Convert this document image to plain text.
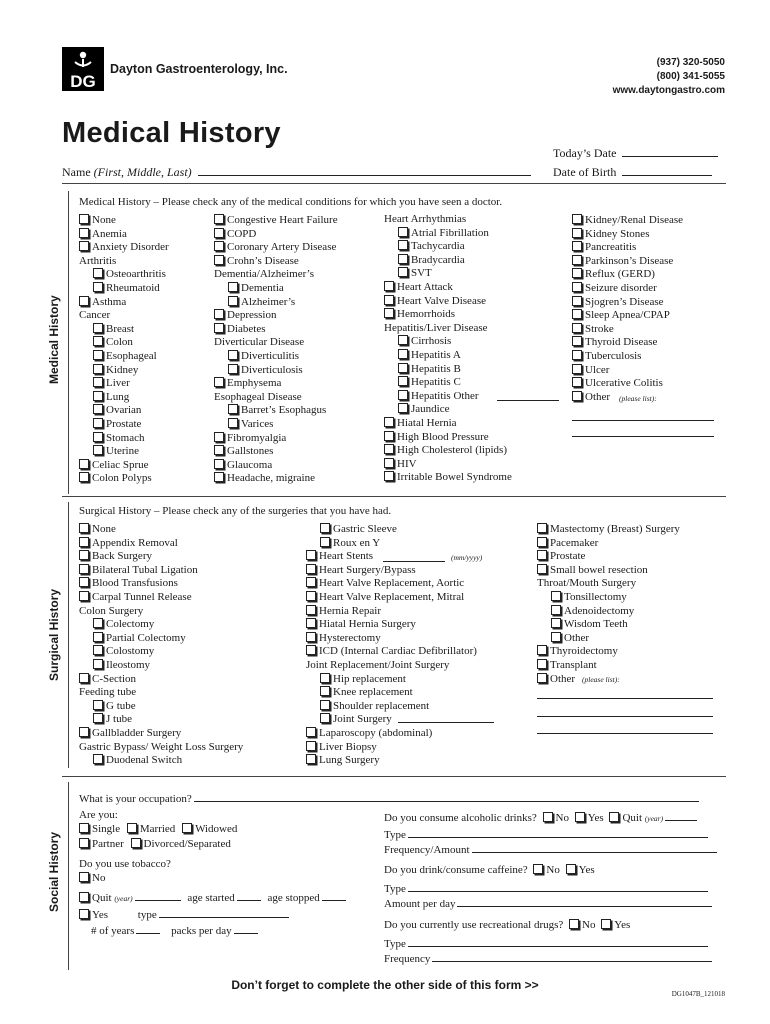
DG
Dayton Gastroenterology, Inc.	(937) 320-5050
(800) 341-5055
www.daytongastro.com
Medical History
Today’s Date
Name (First, Middle, Last)	Date of Birth
Medical History
Medical History – Please check any of the medical conditions for which you have seen a doctor.
None
Anemia
Anxiety Disorder
Arthritis
Osteoarthritis
Rheumatoid
Asthma
Cancer
Breast
Colon
Esophageal
Kidney
Liver
Lung
Ovarian
Prostate
Stomach
Uterine
Celiac Sprue
Colon Polyps
Congestive Heart Failure
COPD
Coronary Artery Disease
Crohn’s Disease
Dementia/Alzheimer’s
Dementia
Alzheimer’s
Depression
Diabetes
Diverticular Disease
Diverticulitis
Diverticulosis
Emphysema
Esophageal Disease
Barret’s Esophagus
Varices
Fibromyalgia
Gallstones
Glaucoma
Headache, migraine
Heart Arrhythmias
Atrial Fibrillation
Tachycardia
Bradycardia
SVT
Heart Attack
Heart Valve Disease
Hemorrhoids
Hepatitis/Liver Disease
Cirrhosis
Hepatitis A
Hepatitis B
Hepatitis C
Hepatitis Other
Jaundice
Hiatal Hernia
High Blood Pressure
High Cholesterol (lipids)
HIV
Irritable Bowel Syndrome
Kidney/Renal Disease
Kidney Stones
Pancreatitis
Parkinson’s Disease
Reflux (GERD)
Seizure disorder
Sjogren’s Disease
Sleep Apnea/CPAP
Stroke
Thyroid Disease
Tuberculosis
Ulcer
Ulcerative Colitis
Other	(please list):
Surgical History
Surgical History – Please check any of the surgeries that you have had.
None
Appendix Removal
Back Surgery
Bilateral Tubal Ligation
Blood Transfusions
Carpal Tunnel Release
Colon Surgery
Colectomy
Partial Colectomy
Colostomy
Ileostomy
C-Section
Feeding tube
G tube
J tube
Gallbladder Surgery
Gastric Bypass/ Weight Loss Surgery
Duodenal Switch
Gastric Sleeve
Roux en Y
Heart Stents
Heart Surgery/Bypass
Heart Valve Replacement, Aortic
Heart Valve Replacement, Mitral
Hernia Repair
Hiatal Hernia Surgery
Hysterectomy
ICD (Internal Cardiac Defibrillator)
Joint Replacement/Joint Surgery
Hip replacement
Knee replacement
Shoulder replacement
Joint Surgery
Laparoscopy (abdominal)
Liver Biopsy
Lung Surgery
Mastectomy (Breast) Surgery
Pacemaker
Prostate
Small bowel resection
Throat/Mouth Surgery
Tonsillectomy
Adenoidectomy
Wisdom Teeth
Other
Thyroidectomy
Transplant
Other
(mm/yyyy)
(please list):
Social History
What is your occupation?
Are you:
Single Married Widowed
Partner Divorced/Separated
Do you use tobacco?
No
Quit (year)	age started	age stopped
Yes	type
# of years	packs per day
Do you consume alcoholic drinks? No Yes Quit (year)
Type
Frequency/Amount
Do you drink/consume caffeine? No Yes
Type
Amount per day
Do you currently use recreational drugs? No Yes
Type
Frequency
Don’t forget to complete the other side of this form >>
DG1047B_121018
